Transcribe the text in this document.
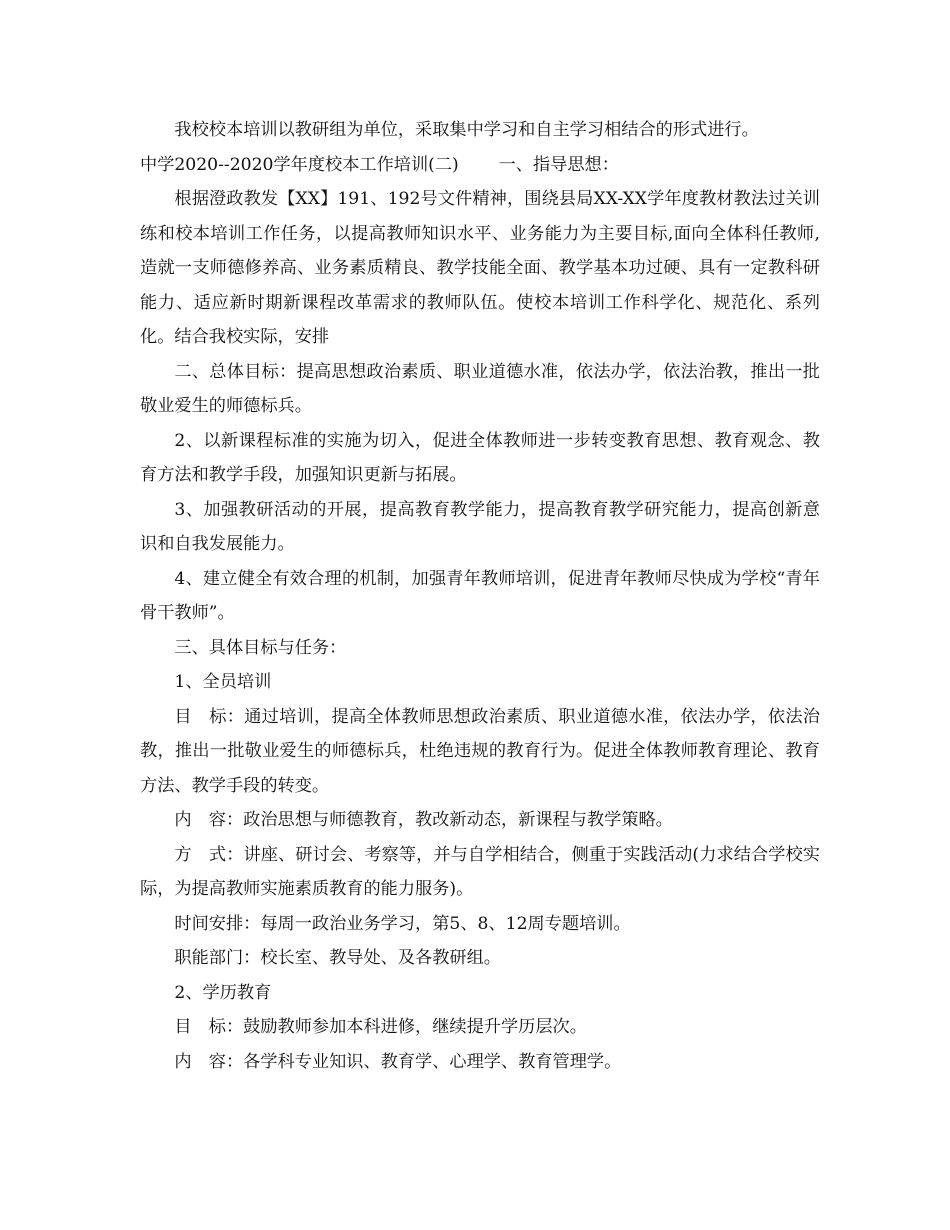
我校校本培训以教研组为单位，采取集中学习和自主学习相结合的形式进行。

中学2020--2020学年度校本工作培训(二)　　 一、指导思想：

根据澄政教发【XX】191、192号文件精神，围绕县局XX-XX学年度教材教法过关训练和校本培训工作任务，以提高教师知识水平、业务能力为主要目标,面向全体科任教师,造就一支师德修养高、业务素质精良、教学技能全面、教学基本功过硬、具有一定教科研能力、适应新时期新课程改革需求的教师队伍。使校本培训工作科学化、规范化、系列化。结合我校实际，安排

二、总体目标：提高思想政治素质、职业道德水准，依法办学，依法治教，推出一批敬业爱生的师德标兵。

2、以新课程标准的实施为切入，促进全体教师进一步转变教育思想、教育观念、教育方法和教学手段，加强知识更新与拓展。

3、加强教研活动的开展，提高教育教学能力，提高教育教学研究能力，提高创新意识和自我发展能力。

4、建立健全有效合理的机制，加强青年教师培训，促进青年教师尽快成为学校“青年骨干教师”。

三、具体目标与任务：

1、全员培训

目　标：通过培训，提高全体教师思想政治素质、职业道德水准，依法办学，依法治教，推出一批敬业爱生的师德标兵，杜绝违规的教育行为。促进全体教师教育理论、教育方法、教学手段的转变。

内　容：政治思想与师德教育，教改新动态，新课程与教学策略。

方　式：讲座、研讨会、考察等，并与自学相结合，侧重于实践活动(力求结合学校实际，为提高教师实施素质教育的能力服务)。

时间安排：每周一政治业务学习，第5、8、12周专题培训。

职能部门：校长室、教导处、及各教研组。

2、学历教育

目　标：鼓励教师参加本科进修，继续提升学历层次。

内　容：各学科专业知识、教育学、心理学、教育管理学。
